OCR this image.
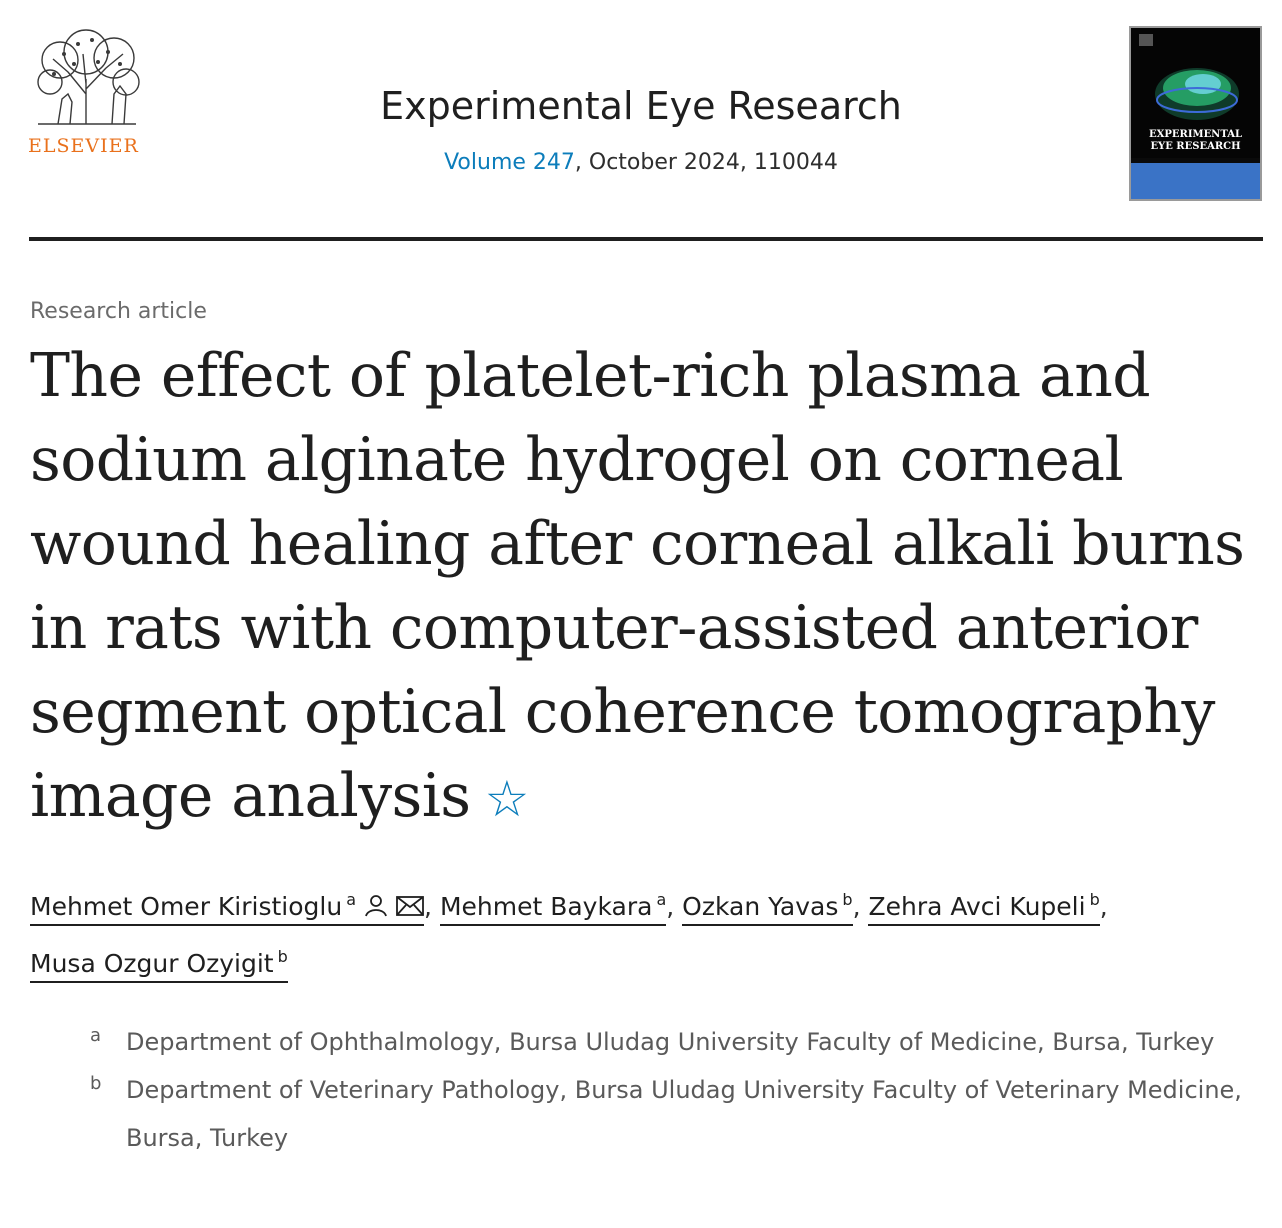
ELSEVIER
Experimental Eye Research
Volume 247, October 2024, 110044
EXPERIMENTAL
EYE RESEARCH
Research article
The effect of platelet-rich plasma and sodium alginate hydrogel on corneal wound healing after corneal alkali burns in rats with computer-assisted anterior segment optical coherence tomography image analysis ☆
Mehmet Omer Kiristioglu $^a$	, Mehmet Baykara $^a$, Ozkan Yavas $^b$, Zehra Avci Kupeli $^b$,
Musa Ozgur Ozyigit $^b$

a Department of Ophthalmology, Bursa Uludag University Faculty of Medicine, Bursa, Turkey

b Department of Veterinary Pathology, Bursa Uludag University Faculty of Veterinary Medicine, Bursa, Turkey
